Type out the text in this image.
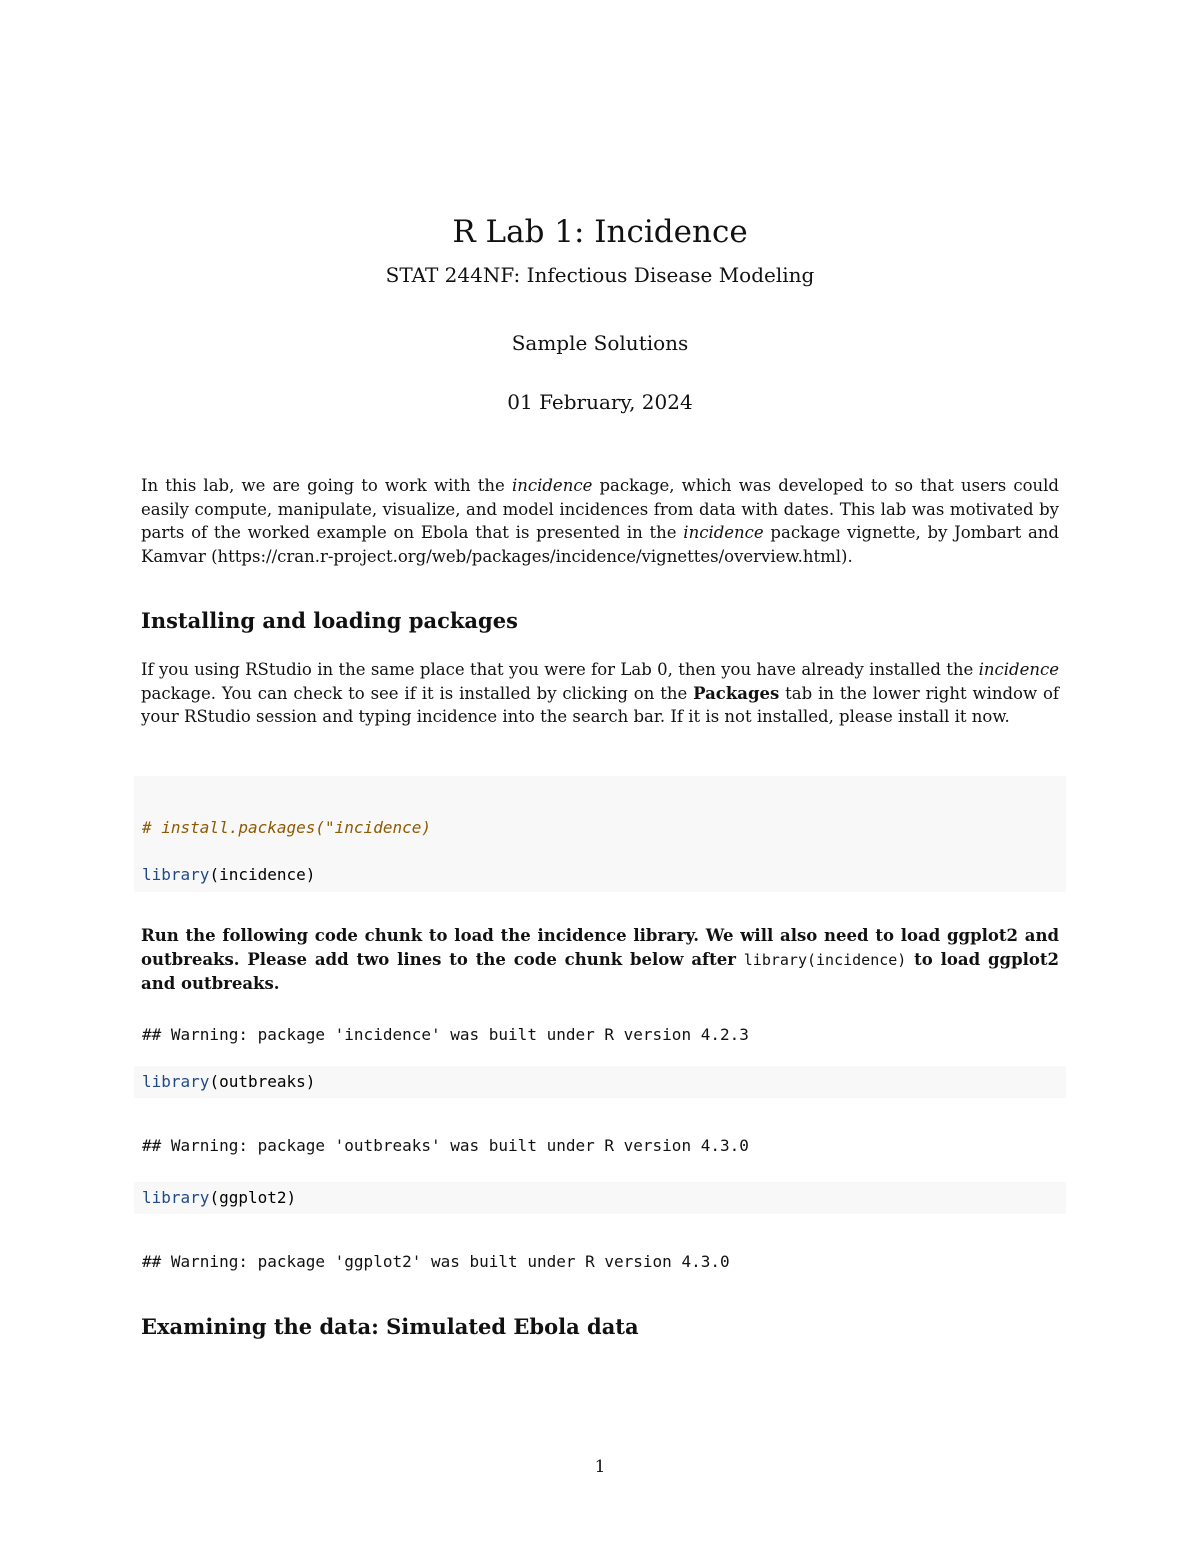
R Lab 1: Incidence
STAT 244NF: Infectious Disease Modeling
Sample Solutions
01 February, 2024
In this lab, we are going to work with the incidence package, which was developed to so that users could easily compute, manipulate, visualize, and model incidences from data with dates. This lab was motivated by parts of the worked example on Ebola that is presented in the incidence package vignette, by Jombart and Kamvar (https://cran.r-project.org/web/packages/incidence/vignettes/overview.html).
Installing and loading packages
If you using RStudio in the same place that you were for Lab 0, then you have already installed the incidence package. You can check to see if it is installed by clicking on the Packages tab in the lower right window of your RStudio session and typing incidence into the search bar. If it is not installed, please install it now.
# install.packages("incidence)
library(incidence)
Run the following code chunk to load the incidence library. We will also need to load ggplot2 and outbreaks. Please add two lines to the code chunk below after library(incidence) to load ggplot2 and outbreaks.
## Warning: package 'incidence' was built under R version 4.2.3
library(outbreaks)
## Warning: package 'outbreaks' was built under R version 4.3.0
library(ggplot2)
## Warning: package 'ggplot2' was built under R version 4.3.0
Examining the data: Simulated Ebola data
1
